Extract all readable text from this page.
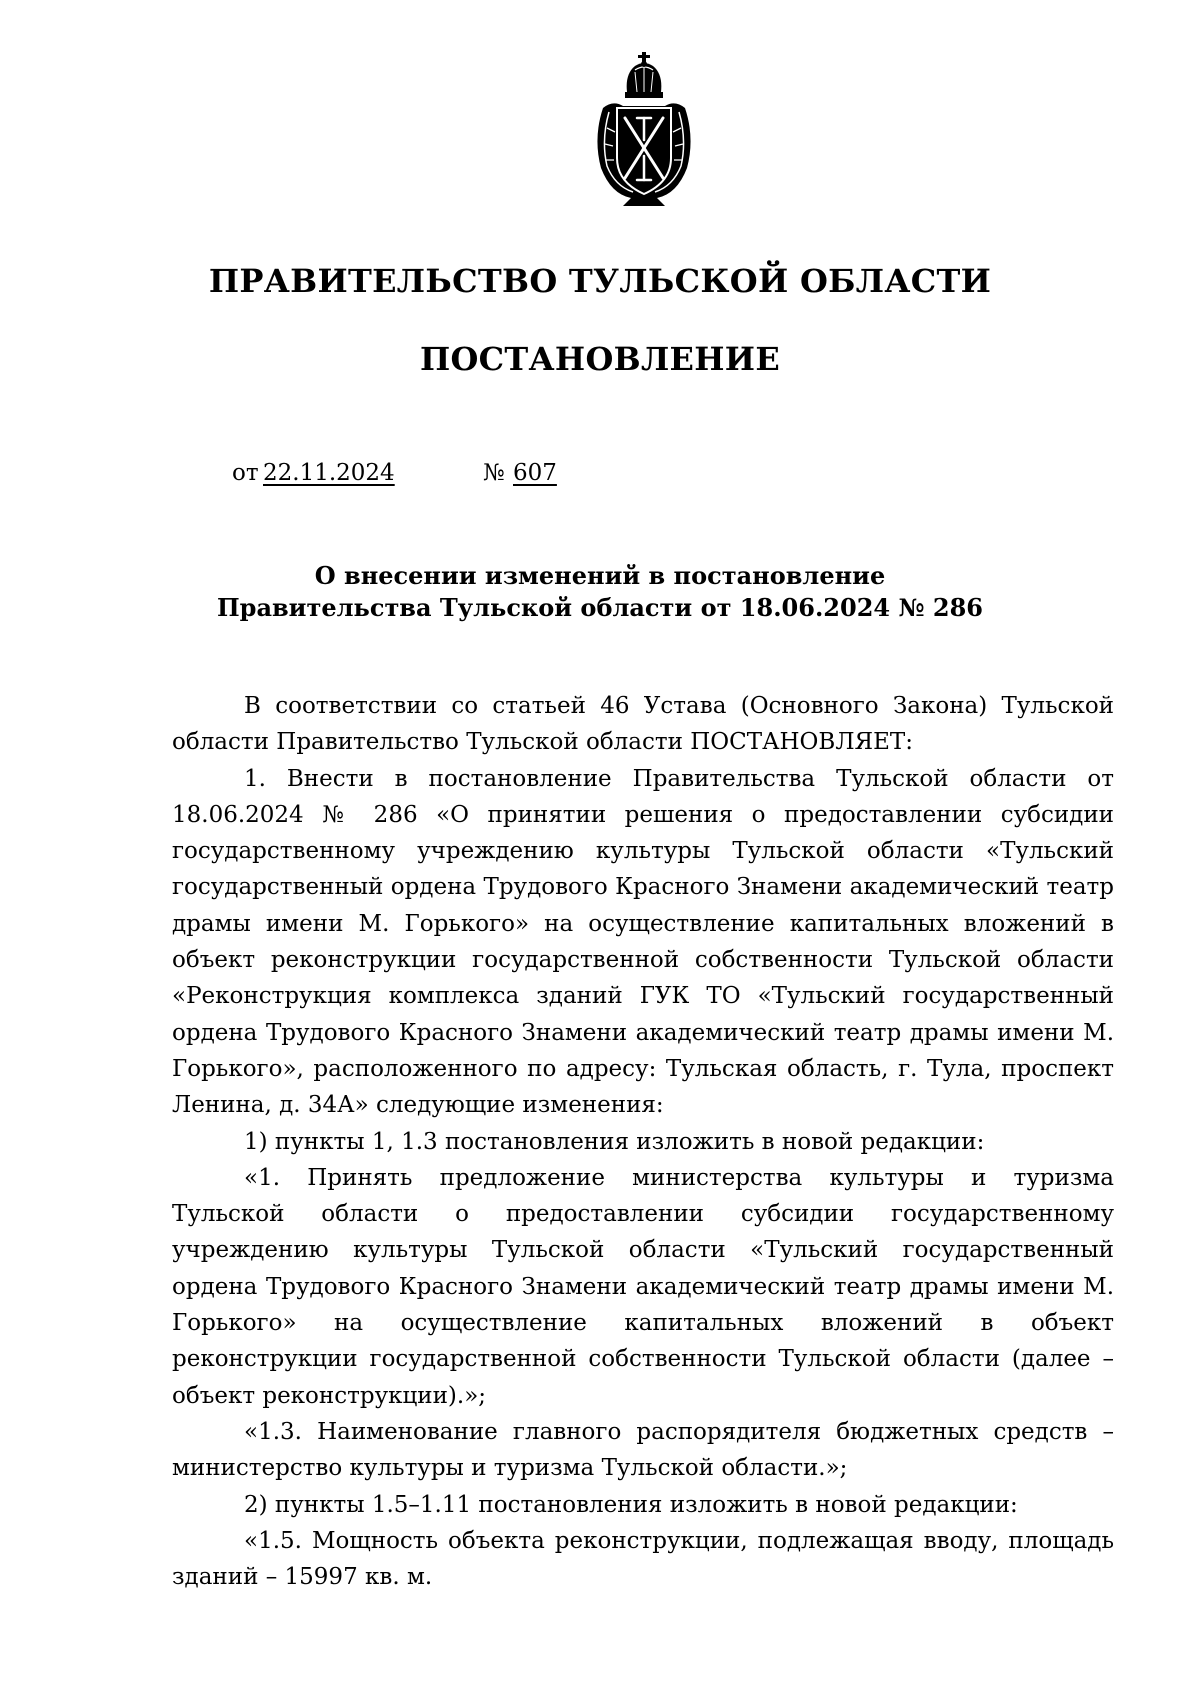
ПРАВИТЕЛЬСТВО ТУЛЬСКОЙ ОБЛАСТИ
ПОСТАНОВЛЕНИЕ
от 22.11.2024	№ 607
О внесении изменений в постановление
Правительства Тульской области от 18.06.2024 № 286

В соответствии со статьей 46 Устава (Основного Закона) Тульской области Правительство Тульской области ПОСТАНОВЛЯЕТ:

1. Внести в постановление Правительства Тульской области от 18.06.2024 № 286 «О принятии решения о предоставлении субсидии государственному учреждению культуры Тульской области «Тульский государственный ордена Трудового Красного Знамени академический театр драмы имени М. Горького» на осуществление капитальных вложений в объект реконструкции государственной собственности Тульской области «Реконструкция комплекса зданий ГУК ТО «Тульский государственный ордена Трудового Красного Знамени академический театр драмы имени М. Горького», расположенного по адресу: Тульская область, г. Тула, проспект Ленина, д. 34А» следующие изменения:

1) пункты 1, 1.3 постановления изложить в новой редакции:

«1. Принять предложение министерства культуры и туризма Тульской области о предоставлении субсидии государственному учреждению культуры Тульской области «Тульский государственный ордена Трудового Красного Знамени академический театр драмы имени М. Горького» на осуществление капитальных вложений в объект реконструкции государственной собственности Тульской области (далее – объект реконструкции).»;

«1.3. Наименование главного распорядителя бюджетных средств – министерство культуры и туризма Тульской области.»;

2) пункты 1.5–1.11 постановления изложить в новой редакции:

«1.5. Мощность объекта реконструкции, подлежащая вводу, площадь зданий – 15997 кв. м.
